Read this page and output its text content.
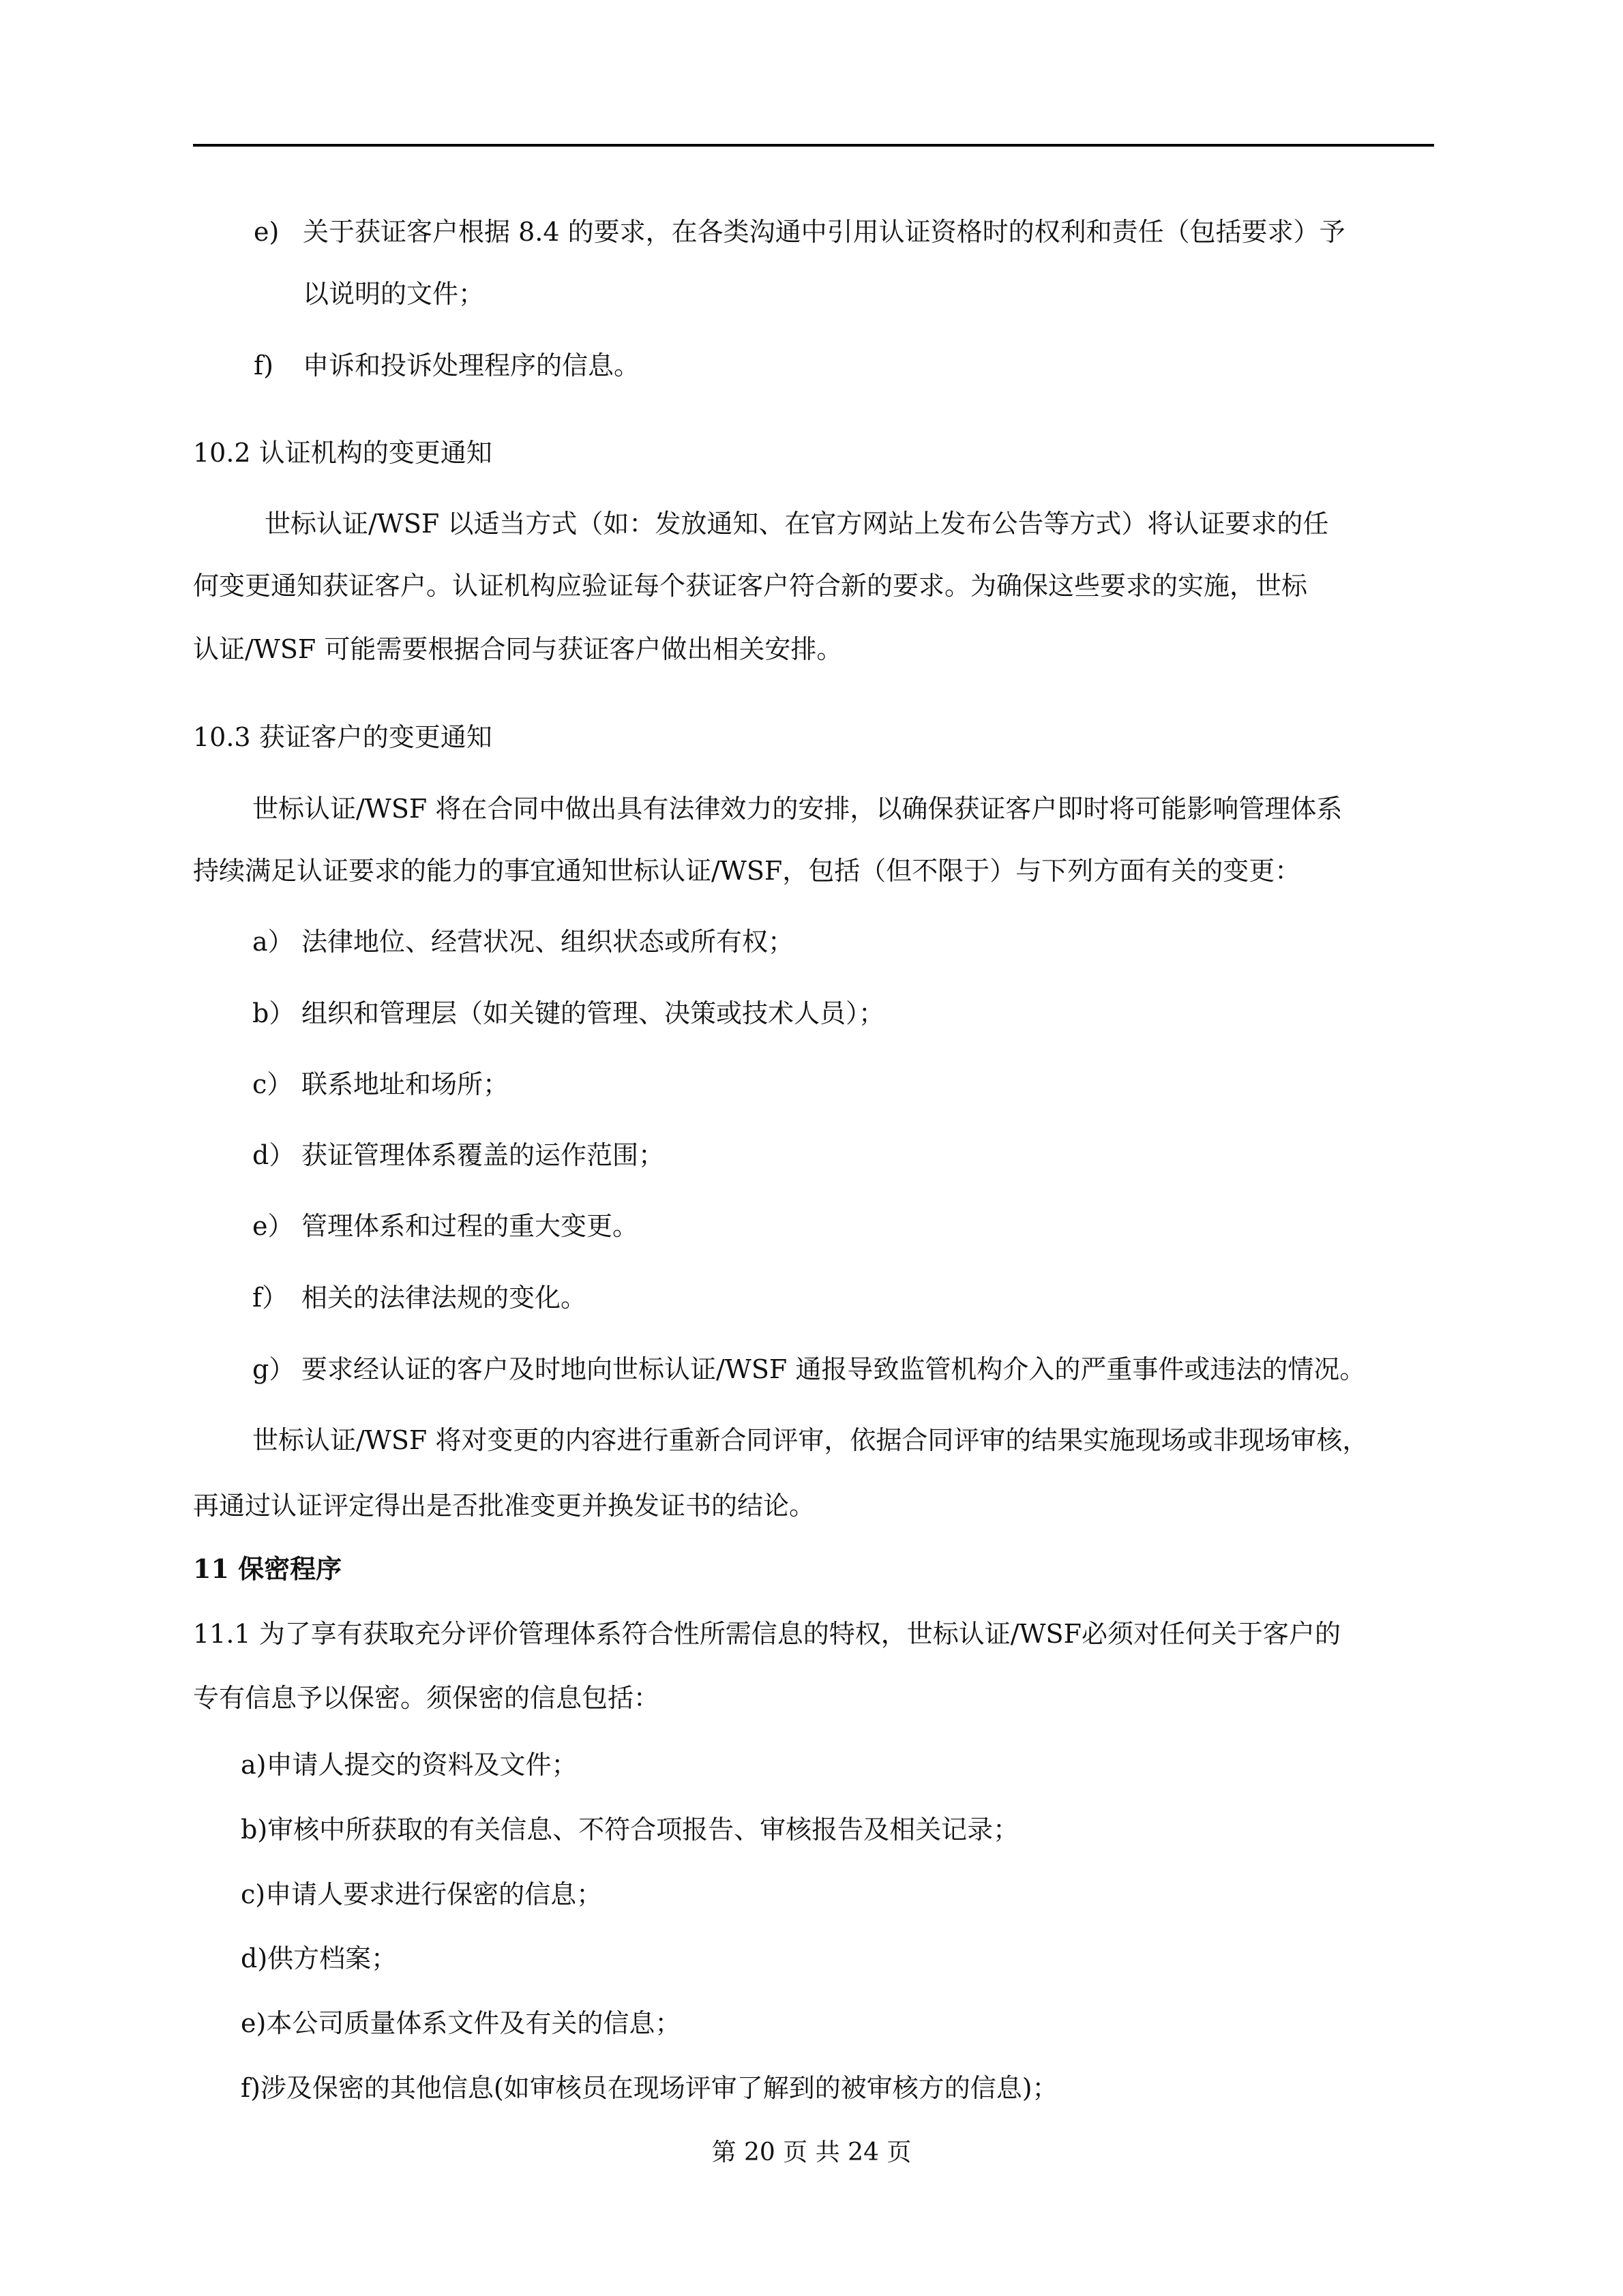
e) 关于获证客户根据 8.4 的要求，在各类沟通中引用认证资格时的权利和责任（包括要求）予
以说明的文件；
f) 申诉和投诉处理程序的信息。
10.2 认证机构的变更通知
世标认证/WSF 以适当方式（如：发放通知、在官方网站上发布公告等方式）将认证要求的任
何变更通知获证客户。认证机构应验证每个获证客户符合新的要求。为确保这些要求的实施，世标
认证/WSF 可能需要根据合同与获证客户做出相关安排。
10.3 获证客户的变更通知
世标认证/WSF 将在合同中做出具有法律效力的安排，以确保获证客户即时将可能影响管理体系
持续满足认证要求的能力的事宜通知世标认证/WSF，包括（但不限于）与下列方面有关的变更：
a） 法律地位、经营状况、组织状态或所有权；
b） 组织和管理层（如关键的管理、决策或技术人员）；
c） 联系地址和场所；
d） 获证管理体系覆盖的运作范围；
e） 管理体系和过程的重大变更。
f） 相关的法律法规的变化。
g） 要求经认证的客户及时地向世标认证/WSF 通报导致监管机构介入的严重事件或违法的情况。
世标认证/WSF 将对变更的内容进行重新合同评审，依据合同评审的结果实施现场或非现场审核，
再通过认证评定得出是否批准变更并换发证书的结论。
11 保密程序
11.1 为了享有获取充分评价管理体系符合性所需信息的特权，世标认证/WSF必须对任何关于客户的
专有信息予以保密。须保密的信息包括：
a)申请人提交的资料及文件；
b)审核中所获取的有关信息、不符合项报告、审核报告及相关记录；
c)申请人要求进行保密的信息；
d)供方档案；
e)本公司质量体系文件及有关的信息；
f)涉及保密的其他信息(如审核员在现场评审了解到的被审核方的信息)；
第 20 页 共 24 页
